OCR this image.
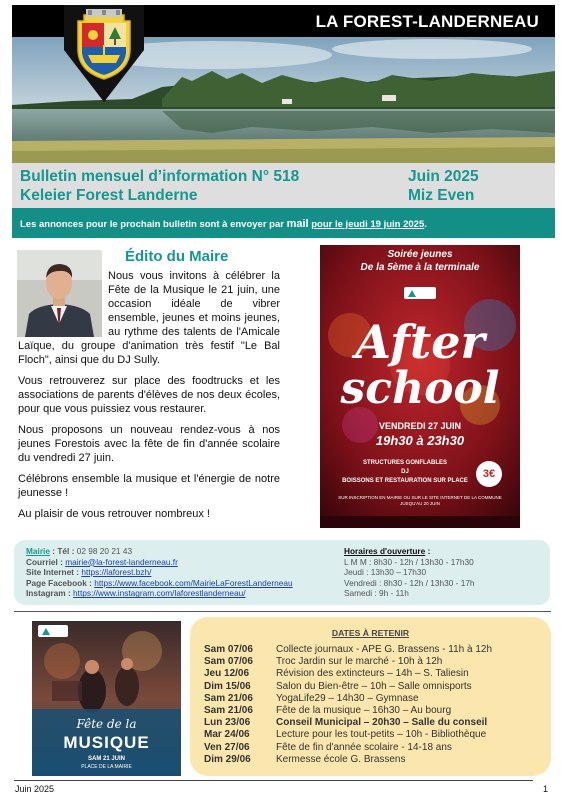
LA FOREST-LANDERNEAU
Bulletin mensuel d’information N° 518
Keleier Forest Landerne
Juin 2025
Miz Even
Les annonces pour le prochain bulletin sont à envoyer par mail pour le jeudi 19 juin 2025.
Édito du Maire

Nous vous invitons à célébrer la Fête de la Musique le 21 juin, une occasion idéale de vibrer ensemble, jeunes et moins jeunes, au rythme des talents de l'Amicale Laïque, du groupe d'animation très festif "Le Bal Floch", ainsi que du DJ Sully.

Vous retrouverez sur place des foodtrucks et les associations de parents d'élèves de nos deux écoles, pour que vous puissiez vous restaurer.

Nous proposons un nouveau rendez-vous à nos jeunes Forestois avec la fête de fin d'année scolaire du vendredi 27 juin.

Célébrons ensemble la musique et l'énergie de notre jeunesse !

Au plaisir de vous retrouver nombreux !

Soirée jeunes
De la 5ème à la terminale
After
school
VENDREDI 27 JUIN
19h30 à 23h30
STRUCTURES GONFLABLES
DJ
BOISSONS ET RESTAURATION SUR PLACE
3€
SUR INSCRIPTION EN MAIRIE OU SUR LE SITE INTERNET DE LA COMMUNE
JUSQU'AU 20 JUIN
Mairie : Tél : 02 98 20 21 43
Courriel : mairie@la-forest-landerneau.fr
Site Internet : https://laforest.bzh/
Page Facebook : https://www.facebook.com/MairieLaForestLanderneau
Instagram : https://www.instagram.com/laforestlanderneau/
Horaires d'ouverture :
L M M : 8h30 - 12h / 13h30 - 17h30
Jeudi : 13h30 – 17h30
Vendredi : 8h30 - 12h / 13h30 - 17h
Samedi : 9h - 11h
Fête de la
MUSIQUE
SAM 21 JUIN
PLACE DE LA MAIRIE
DATES À RETENIR
Sam 07/06	Collecte journaux - APE G. Brassens - 11h à 12h
Sam 07/06	Troc Jardin sur le marché - 10h à 12h
Jeu 12/06	Révision des extincteurs – 14h – S. Taliesin
Dim 15/06	Salon du Bien-être – 10h – Salle omnisports
Sam 21/06	YogaLife29 – 14h30 – Gymnase
Sam 21/06	Fête de la musique – 16h30 – Au bourg
Lun 23/06	Conseil Municipal – 20h30 – Salle du conseil
Mar 24/06	Lecture pour les tout-petits – 10h - Bibliothèque
Ven 27/06	Fête de fin d'année scolaire - 14-18 ans
Dim 29/06	Kermesse école G. Brassens
Juin 2025	1
